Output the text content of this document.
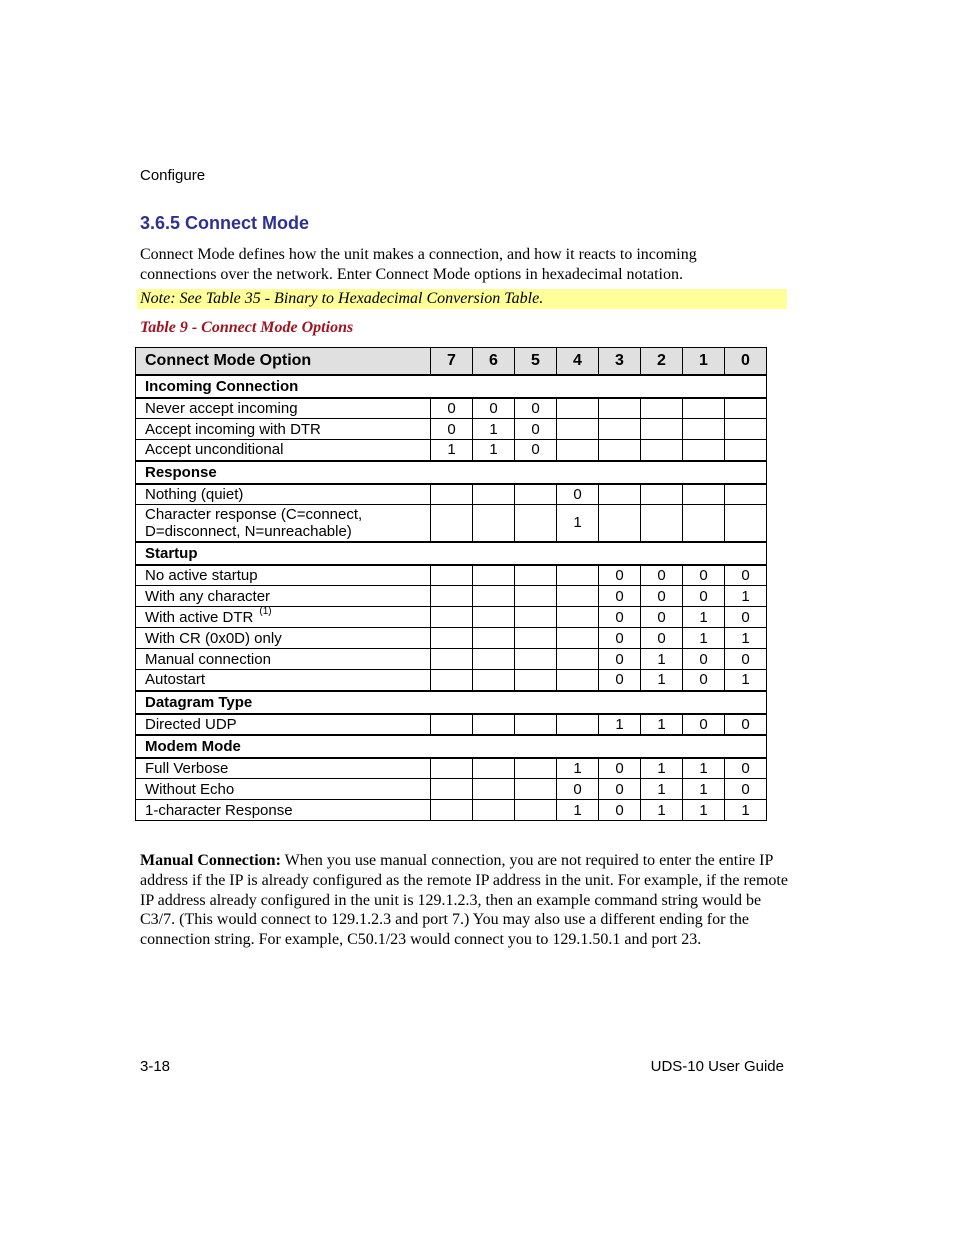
Configure
3.6.5 Connect Mode
Connect Mode defines how the unit makes a connection, and how it reacts to incoming connections over the network. Enter Connect Mode options in hexadecimal notation.
Note: See Table 35 - Binary to Hexadecimal Conversion Table.
Table 9 - Connect Mode Options
Connect Mode Option	7	6	5	4	3	2	1	0
Incoming Connection								
Never accept incoming	0	0	0					
Accept incoming with DTR	0	1	0					
Accept unconditional	1	1	0					
Response								
Nothing (quiet)				0				
Character response (C=connect, D=disconnect, N=unreachable)				1				
Startup								
No active startup					0	0	0	0
With any character					0	0	0	1
With active DTR $^{(1)}$					0	0	1	0
With CR (0x0D) only					0	0	1	1
Manual connection					0	1	0	0
Autostart					0	1	0	1
Datagram Type								
Directed UDP					1	1	0	0
Modem Mode								
Full Verbose				1	0	1	1	0
Without Echo				0	0	1	1	0
1-character Response				1	0	1	1	1
Manual Connection: When you use manual connection, you are not required to enter the entire IP address if the IP is already configured as the remote IP address in the unit. For example, if the remote IP address already configured in the unit is 129.1.2.3, then an example command string would be C3/7. (This would connect to 129.1.2.3 and port 7.) You may also use a different ending for the connection string. For example, C50.1/23 would connect you to 129.1.50.1 and port 23.
3-18	UDS-10 User Guide
